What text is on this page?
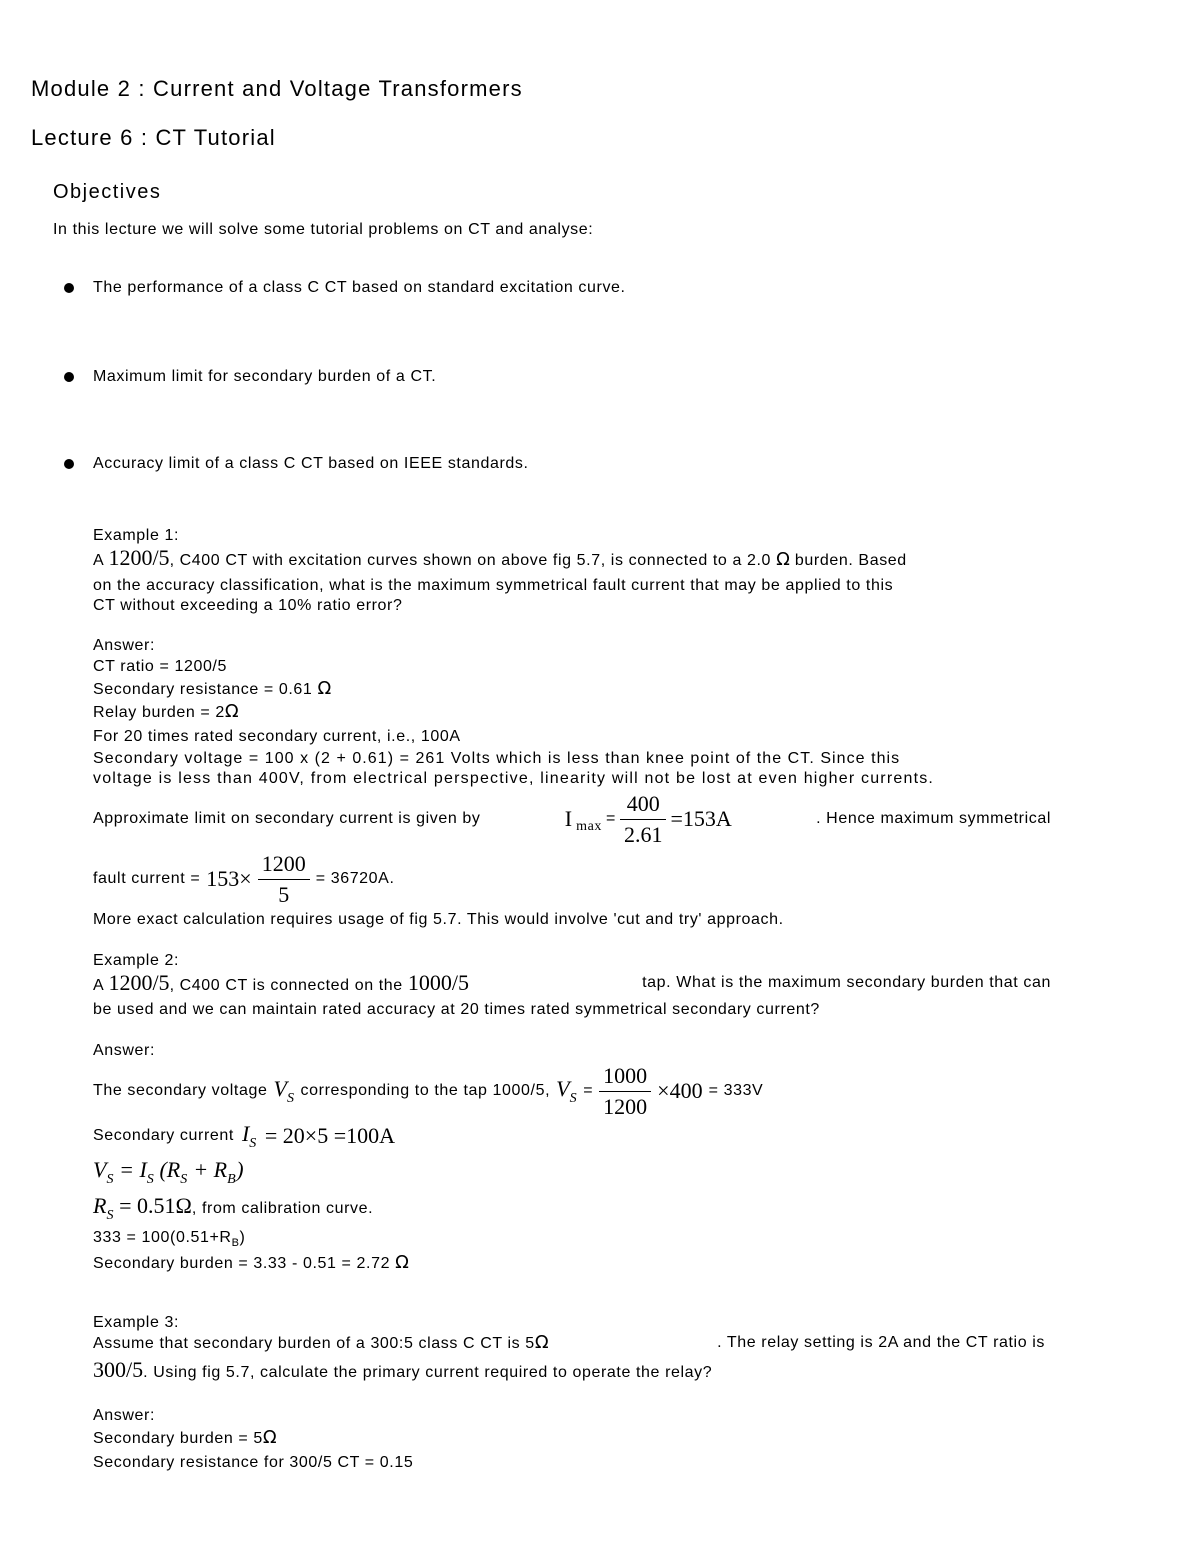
Module 2 : Current and Voltage Transformers
Lecture 6 : CT Tutorial
Objectives
In this lecture we will solve some tutorial problems on CT and analyse:
The performance of a class C CT based on standard excitation curve.
Maximum limit for secondary burden of a CT.
Accuracy limit of a class C CT based on IEEE standards.
Example 1:
A 1200/5, C400 CT with excitation curves shown on above fig 5.7, is connected to a 2.0 Ω burden. Based
on the accuracy classification, what is the maximum symmetrical fault current that may be applied to this
CT without exceeding a 10% ratio error?
Answer:
CT ratio = 1200/5
Secondary resistance = 0.61 Ω
Relay burden = 2Ω
For 20 times rated secondary current, i.e., 100A
Secondary voltage = 100 x (2 + 0.61) = 261 Volts which is less than knee point of the CT. Since this
voltage is less than 400V, from electrical perspective, linearity will not be lost at even higher currents.
Approximate limit on secondary current is given by	I $\max = \frac{400}{2.61} =153A$	. Hence maximum symmetrical
fault current = $153\times \frac{1200}{5} = 36720A$.
More exact calculation requires usage of fig 5.7. This would involve 'cut and try' approach.
Example 2:
A 1200/5, C400 CT is connected on the 1000/5	tap. What is the maximum secondary burden that can
be used and we can maintain rated accuracy at 20 times rated symmetrical secondary current?
Answer:
The secondary voltage VS corresponding to the tap 1000/5, VS = $\frac{1000}{1200} \times 400 = 333V$
Secondary current IS = 20×5 =100A
VS = IS (RS + RB)
RS = 0.51Ω, from calibration curve.
$333 = 100(0.51+R_B)$
Secondary burden = 3.33 - 0.51 = 2.72 Ω
Example 3:
Assume that secondary burden of a 300:5 class C CT is 5Ω	. The relay setting is 2A and the CT ratio is
300/5. Using fig 5.7, calculate the primary current required to operate the relay?
Answer:
Secondary burden = 5Ω
Secondary resistance for 300/5 CT = 0.15
